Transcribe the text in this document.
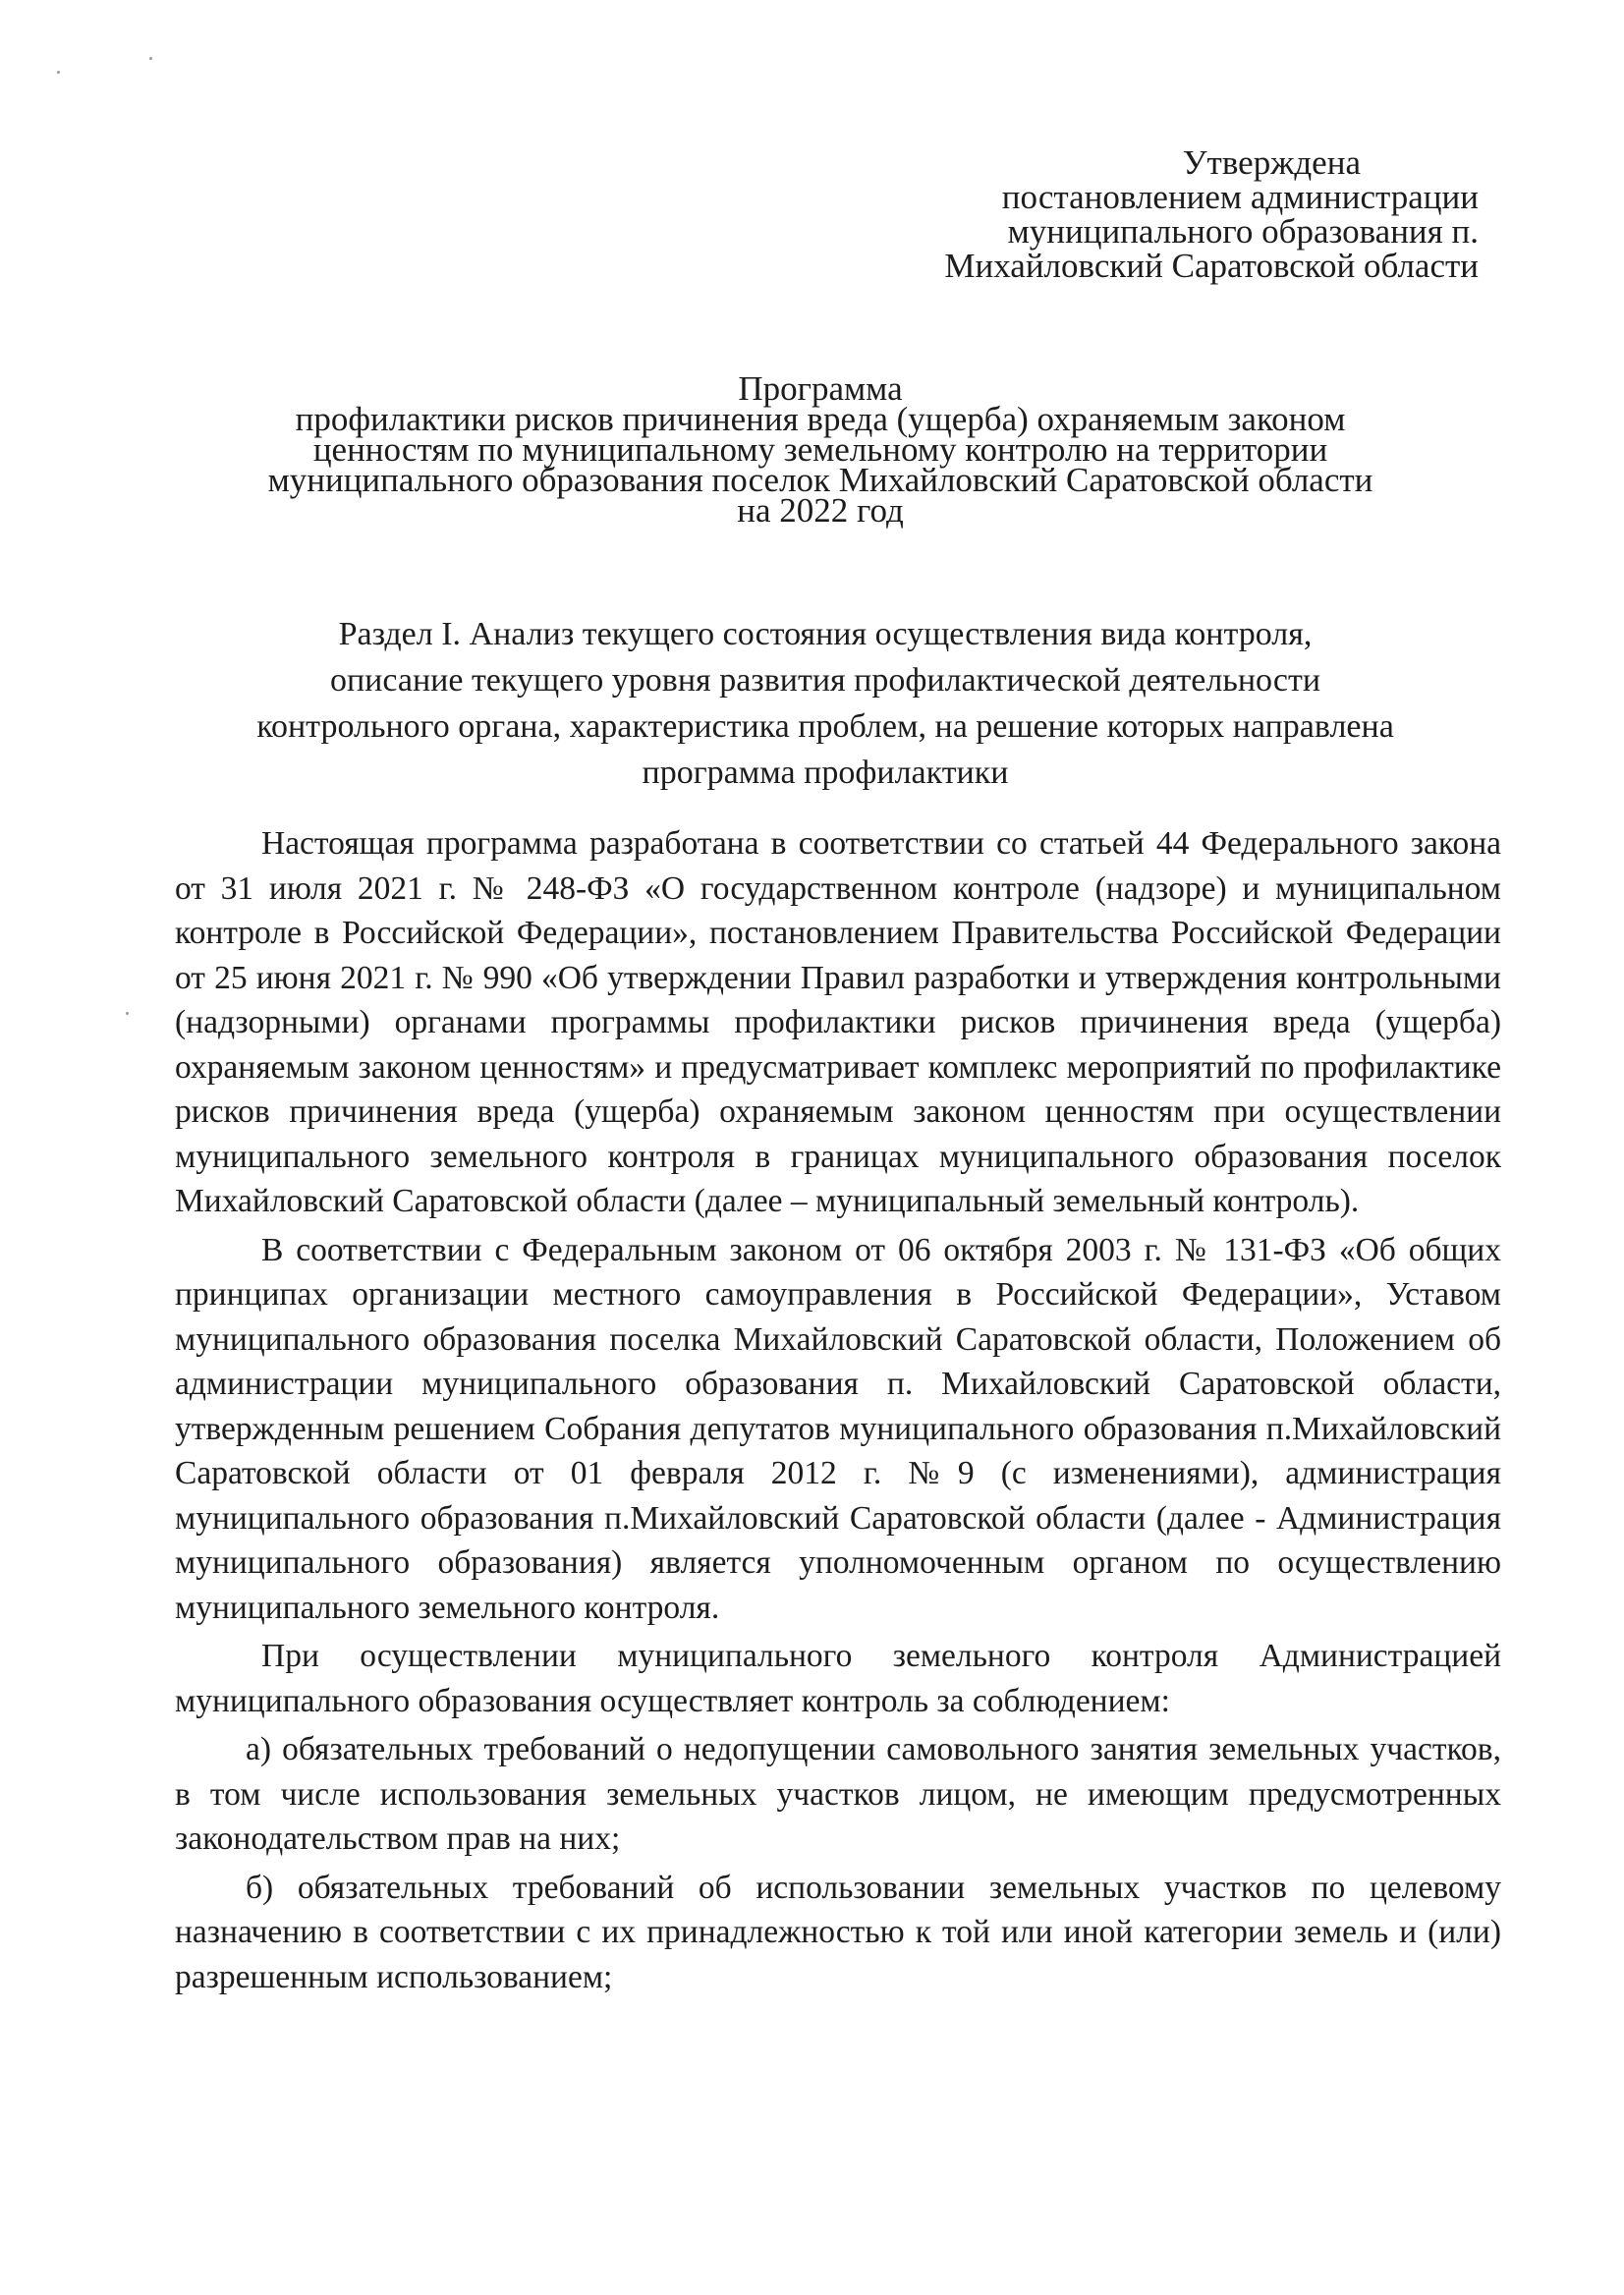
Утверждена
постановлением администрации
муниципального образования п.
Михайловский Саратовской области
Программа
профилактики рисков причинения вреда (ущерба) охраняемым законом
ценностям по муниципальному земельному контролю на территории
муниципального образования поселок Михайловский Саратовской области
на 2022 год
Раздел I. Анализ текущего состояния осуществления вида контроля,
описание текущего уровня развития профилактической деятельности
контрольного органа, характеристика проблем, на решение которых направлена
программа профилактики

Настоящая программа разработана в соответствии со статьей 44 Федерального закона от 31 июля 2021 г. № 248-ФЗ «О государственном контроле (надзоре) и муниципальном контроле в Российской Федерации», постановлением Правительства Российской Федерации от 25 июня 2021 г. № 990 «Об утверждении Правил разработки и утверждения контрольными (надзорными) органами программы профилактики рисков причинения вреда (ущерба) охраняемым законом ценностям» и предусматривает комплекс мероприятий по профилактике рисков причинения вреда (ущерба) охраняемым законом ценностям при осуществлении муниципального земельного контроля в границах муниципального образования поселок Михайловский Саратовской области (далее – муниципальный земельный контроль).

В соответствии с Федеральным законом от 06 октября 2003 г. № 131-ФЗ «Об общих принципах организации местного самоуправления в Российской Федерации», Уставом муниципального образования поселка Михайловский Саратовской области, Положением об администрации муниципального образования п. Михайловский Саратовской области, утвержденным решением Собрания депутатов муниципального образования п.Михайловский Саратовской области от 01 февраля 2012 г. №9 (с изменениями), администрация муниципального образования п.Михайловский Саратовской области (далее - Администрация муниципального образования) является уполномоченным органом по осуществлению муниципального земельного контроля.

При осуществлении муниципального земельного контроля Администрацией муниципального образования осуществляет контроль за соблюдением:

а) обязательных требований о недопущении самовольного занятия земельных участков, в том числе использования земельных участков лицом, не имеющим предусмотренных законодательством прав на них;

б) обязательных требований об использовании земельных участков по целевому назначению в соответствии с их принадлежностью к той или иной категории земель и (или) разрешенным использованием;
